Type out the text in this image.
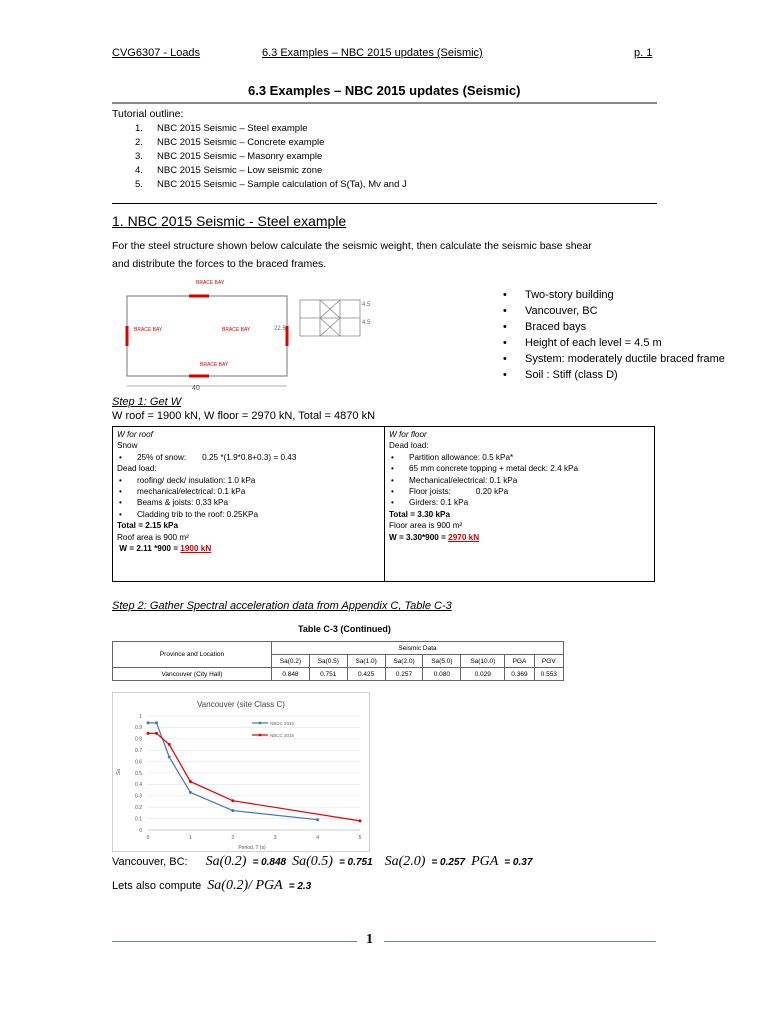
CVG6307 - Loads	6.3 Examples – NBC 2015 updates (Seismic)	p. 1
6.3 Examples – NBC 2015 updates (Seismic)
Tutorial outline:
1. NBC 2015 Seismic – Steel example
2. NBC 2015 Seismic – Concrete example
3. NBC 2015 Seismic – Masonry example
4. NBC 2015 Seismic – Low seismic zone
5. NBC 2015 Seismic – Sample calculation of S(Ta), Mv and J
1. NBC 2015 Seismic - Steel example
For the steel structure shown below calculate the seismic weight, then calculate the seismic base shear
and distribute the forces to the braced frames.
BRACE BAY
BRACE BAY	BRACE BAY
BRACE BAY
40
22.5
4.5
4.5
• Two-story building
• Vancouver, BC
• Braced bays
• Height of each level = 4.5 m
• System: moderately ductile braced frame
• Soil : Stiff (class D)
Step 1: Get W
W roof = 1900 kN, W floor = 2970 kN, Total = 4870 kN
W for roof
Snow
• 25% of snow: 0.25 *(1.9*0.8+0.3) = 0.43
Dead load:
• roofing/ deck/ insulation: 1.0 kPa
• mechanical/electrical: 0.1 kPa
• Beams & joists: 0.33 kPa
• Cladding trib to the roof: 0.25KPa
Total = 2.15 kPa
Roof area is 900 m²
W = 2.11 *900 = 1900 kN
W for floor
Dead load:
• Partition allowance: 0.5 kPa*
• 65 mm concrete topping + metal deck: 2.4 kPa
• Mechanical/electrical: 0.1 kPa
• Floor joists:           0.20 kPa
• Girders: 0.1 kPa
Total = 3.30 kPa
Floor area is 900 m²
W = 3.30*900 = 2970 kN
Step 2: Gather Spectral acceleration data from Appendix C, Table C-3
Table C-3 (Continued)
Province and Location	Seismic Data							
	Sa(0.2)	Sa(0.5)	Sa(1.0)	Sa(2.0)	Sa(5.0)	Sa(10.0)	PGA	PGV
Vancouver (City Hall)	0.848	0.751	0.425	0.257	0.080	0.029	0.369	0.553
Vancouver (site Class C)
0
0.1
0.2
0.3
0.4
0.5
0.6
0.7
0.8
0.9
1
0	1	2	3	4	5
NBCC 2010
NBCC 2015
Period, T (s)
Sa
Vancouver, BC: Sa(0.2) = 0.848 Sa(0.5) = 0.751 Sa(2.0) = 0.257 PGA = 0.37
Lets also compute Sa(0.2)/ PGA = 2.3
1
